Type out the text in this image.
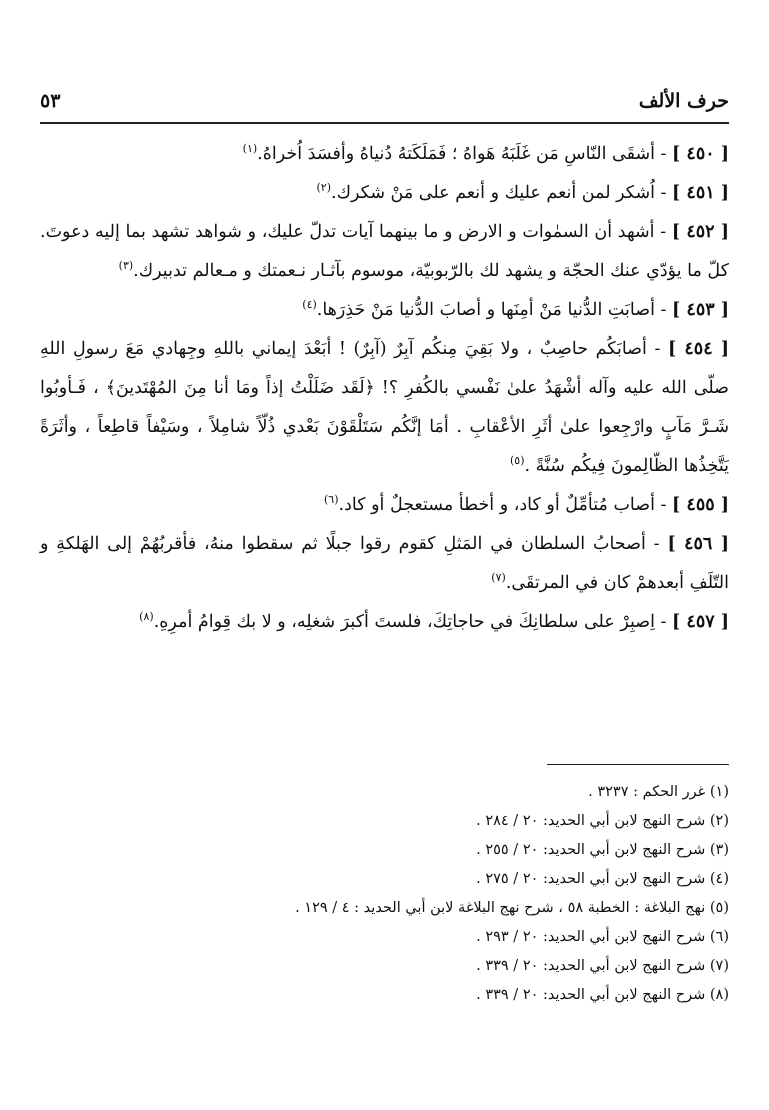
حرف الألف
٥٣

[ ٤٥٠ ] - أشقَى النّاسِ مَن غَلَبَهُ هَواهُ ؛ فَمَلَكَتهُ دُنياهُ وأفسَدَ اُخراهُ.$^{(١)}$

[ ٤٥١ ] - اُشكر لمن أنعم عليك و أنعم على مَنْ شكرك.$^{(٢)}$

[ ٤٥٢ ] - أشهد أن السمٰوات و الارض و ما بينهما آيات تدلّ عليك، و شواهد تشهد بما إليه دعوتَ. كلّ ما يؤدّي عنك الحجّة و يشهد لك بالرّبوبيّة، موسوم بآثـار نـعمتك و مـعالم تدبيرك.$^{(٣)}$

[ ٤٥٣ ] - أصابَتِ الدُّنيا مَنْ أمِنَها و أصابَ الدُّنيا مَنْ حَذِرَها.$^{(٤)}$

[ ٤٥٤ ] - أصابَكُم حاصِبٌ ، ولا بَقِيَ مِنكُم آبِرٌ (آبِرٌ) ! أبَعْدَ إيماني باللهِ وجِهادي مَعَ رسولِ اللهِ صلّى الله عليه وآله أشْهَدُ علىٰ نَفْسي بالكُفرِ ؟! ﴿لَقَد ضَلَلْتُ إذاً ومَا أنا مِنَ المُهْتَدينَ﴾ ، فَـأوبُوا شَـرَّ مَآبٍ وارْجِعوا علىٰ أثَرِ الأعْقابِ . أمَا إنَّكُم سَتَلْقَوْنَ بَعْدي ذُلّاً شامِلاً ، وسَيْفاً قاطِعاً ، وأثَرَةً يَتَّخِذُها الظّالِمونَ فِيكُم سُنَّةً .$^{(٥)}$

[ ٤٥٥ ] - أصاب مُتأمِّلٌ أو كاد، و أخطأ مستعجلٌ أو كاد.$^{(٦)}$

[ ٤٥٦ ] - أصحابُ السلطان في المَثلِ كقوم رقوا جبلًا ثم سقطوا منهُ، فأقربُهُمْ إلى الهَلكةِ و التّلَفِ أبعدهمْ كان في المرتقَى.$^{(٧)}$

[ ٤٥٧ ] - اِصبِرْ على سلطانِكَ في حاجاتِكَ، فلستَ أكبرَ شغلِه، و لا بك قِوامُ أمرِهِ.$^{(٨)}$

(١) غرر الحكم : ٣٢٣٧ .

(٢) شرح النهج لابن أبي الحديد: ٢٠ / ٢٨٤ .

(٣) شرح النهج لابن أبي الحديد: ٢٠ / ٢٥٥ .

(٤) شرح النهج لابن أبي الحديد: ٢٠ / ٢٧٥ .

(٥) نهج البلاغة : الخطبة ٥٨ ، شرح نهج البلاغة لابن أبي الحديد : ٤ / ١٢٩ .

(٦) شرح النهج لابن أبي الحديد: ٢٠ / ٢٩٣ .

(٧) شرح النهج لابن أبي الحديد: ٢٠ / ٣٣٩ .

(٨) شرح النهج لابن أبي الحديد: ٢٠ / ٣٣٩ .
